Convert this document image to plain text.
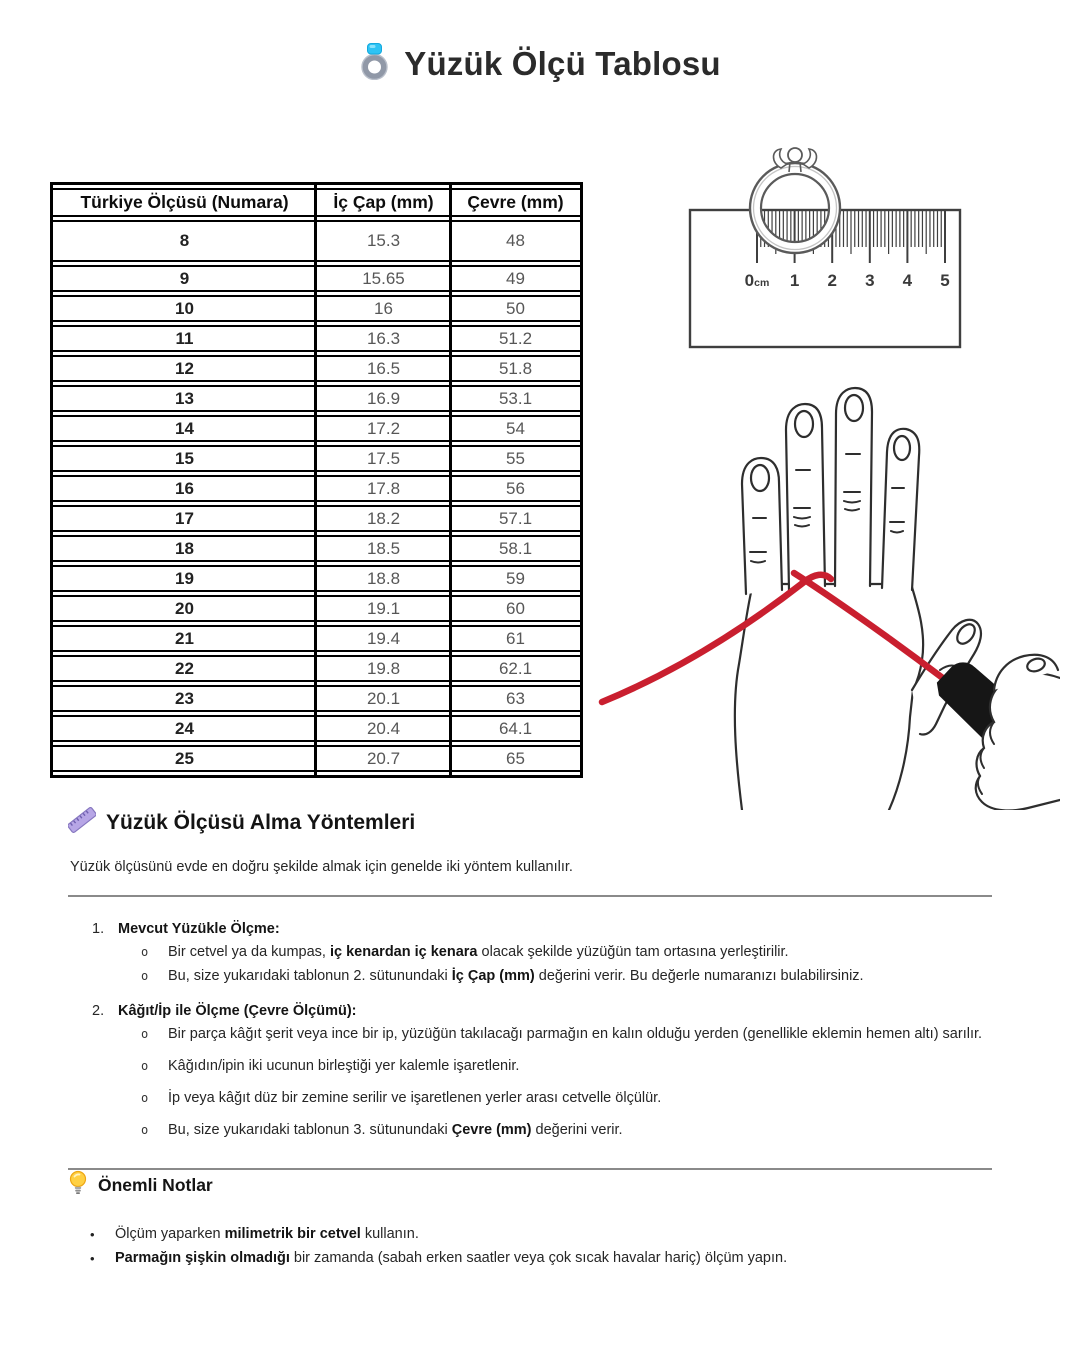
Yüzük Ölçü Tablosu
Türkiye Ölçüsü (Numara)	İç Çap (mm)	Çevre (mm)
8	15.3	48
9	15.65	49
10	16	50
11	16.3	51.2
12	16.5	51.8
13	16.9	53.1
14	17.2	54
15	17.5	55
16	17.8	56
17	18.2	57.1
18	18.5	58.1
19	18.8	59
20	19.1	60
21	19.4	61
22	19.8	62.1
23	20.1	63
24	20.4	64.1
25	20.7	65
0cm 1 2 3 4 5
Yüzük Ölçüsü Alma Yöntemleri

Yüzük ölçüsünü evde en doğru şekilde almak için genelde iki yöntem kullanılır.

1. Mevcut Yüzükle Ölçme:
o	Bir cetvel ya da kumpas, iç kenardan iç kenara olacak şekilde yüzüğün tam ortasına yerleştirilir.
o	Bu, size yukarıdaki tablonun 2. sütunundaki İç Çap (mm) değerini verir. Bu değerle numaranızı bulabilirsiniz.
2. Kâğıt/İp ile Ölçme (Çevre Ölçümü):
o	Bir parça kâğıt şerit veya ince bir ip, yüzüğün takılacağı parmağın en kalın olduğu yerden (genellikle eklemin hemen altı) sarılır.
o	Kâğıdın/ipin iki ucunun birleştiği yer kalemle işaretlenir.
o	İp veya kâğıt düz bir zemine serilir ve işaretlenen yerler arası cetvelle ölçülür.
o	Bu, size yukarıdaki tablonun 3. sütunundaki Çevre (mm) değerini verir.
Önemli Notlar
•	Ölçüm yaparken milimetrik bir cetvel kullanın.
•	Parmağın şişkin olmadığı bir zamanda (sabah erken saatler veya çok sıcak havalar hariç) ölçüm yapın.
